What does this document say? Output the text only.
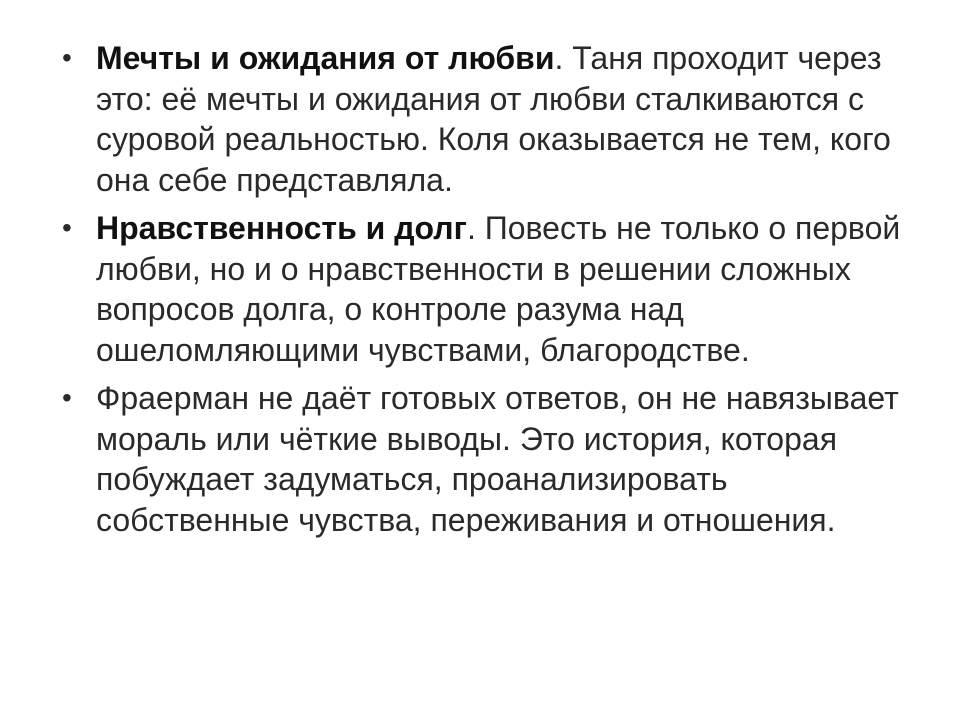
• Мечты и ожидания от любви. Таня проходит через это: её мечты и ожидания от любви сталкиваются с суровой реальностью. Коля оказывается не тем, кого она себе представляла.
• Нравственность и долг. Повесть не только о первой любви, но и о нравственности в решении сложных вопросов долга, о контроле разума над ошеломляющими чувствами, благородстве.
• Фраерман не даёт готовых ответов, он не навязывает мораль или чёткие выводы. Это история, которая побуждает задуматься, проанализировать собственные чувства, переживания и отношения.
